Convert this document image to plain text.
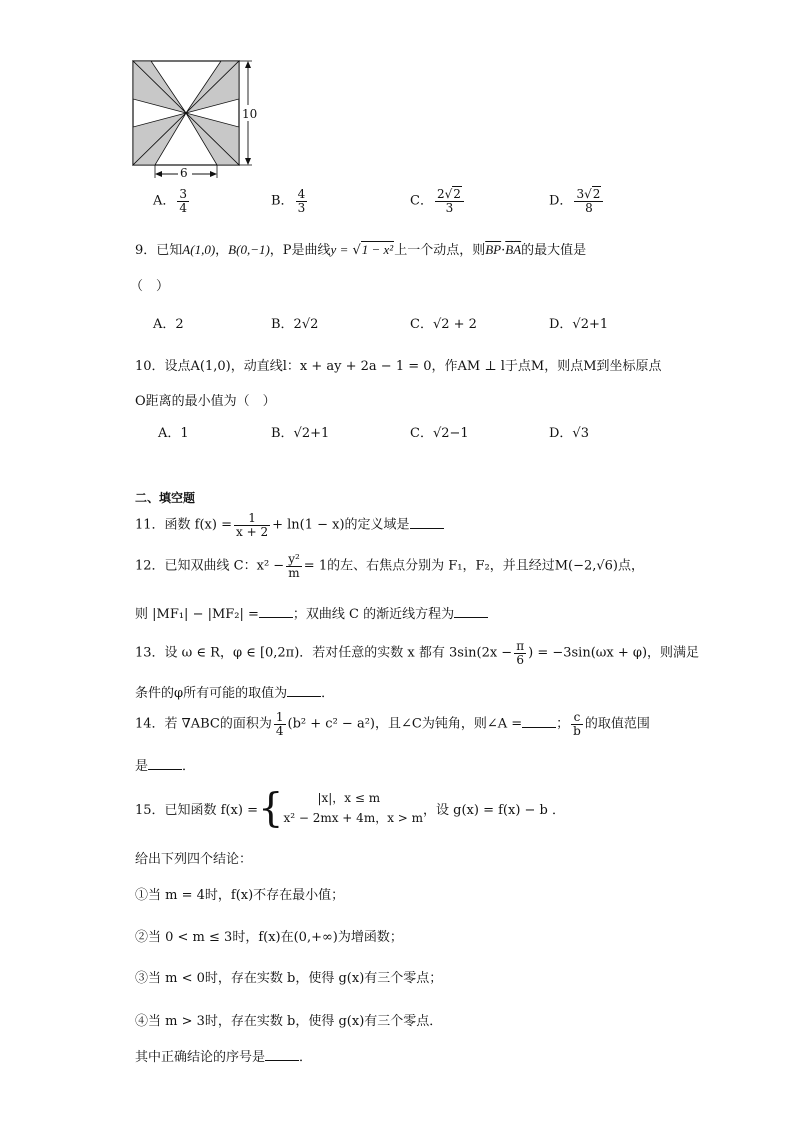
10
6
A． $\frac{3}{4}$	B． $\frac{4}{3}$	C． $\frac{2√2}{3}$	D． $\frac{3√2}{8}$
9．已知A(1,0)，B(0,−1)，P是曲线y = √1 − x²上一个动点，则$\overline{BP}\cdot\overline{BA}$的最大值是
（　）
A．2	B．2√2	C．√2 + 2	D．√2+1
10．设点A(1,0)，动直线l：x + ay + 2a − 1 = 0，作AM ⊥ l于点M，则点M到坐标原点
O距离的最小值为（　）
A．1	B．√2+1	C．√2−1	D．√3
二、填空题
11．函数 $f(x) = \frac{1}{x + 2} + \ln(1 - x)$的定义域是
12．已知双曲线 C：$x^2 - \frac{\text{y²}}{m} = 1$的左、右焦点分别为 F₁，F₂，并且经过M(−2,√6)点，
则 |MF₁| − |MF₂| =	；双曲线 C 的渐近线方程为
13．设 ω ∈ R，φ ∈ [0,2π)．若对任意的实数 x 都有 $3\sin(2x - \frac{\pi}{6}$ ) = −3sin(ωx + φ)，则满足
条件的φ所有可能的取值为	．
14．若 ∇ABC的面积为 $\frac{1}{4} (b^2 + c^2 - a^2)$，且∠C为钝角，则∠A =	； $\frac{c}{b}$ 的取值范围
是	．
15．已知函数 f(x) ={	|x|，x ≤ m
x² − 2mx + 4m，x > m
，设 g(x) = f(x) − b ．
给出下列四个结论：
①当 m = 4时，f(x)不存在最小值；
②当 0 < m ≤ 3时，f(x)在(0,+∞)为增函数；
③当 m < 0时，存在实数 b，使得 g(x)有三个零点；
④当 m > 3时，存在实数 b，使得 g(x)有三个零点．
其中正确结论的序号是	．
